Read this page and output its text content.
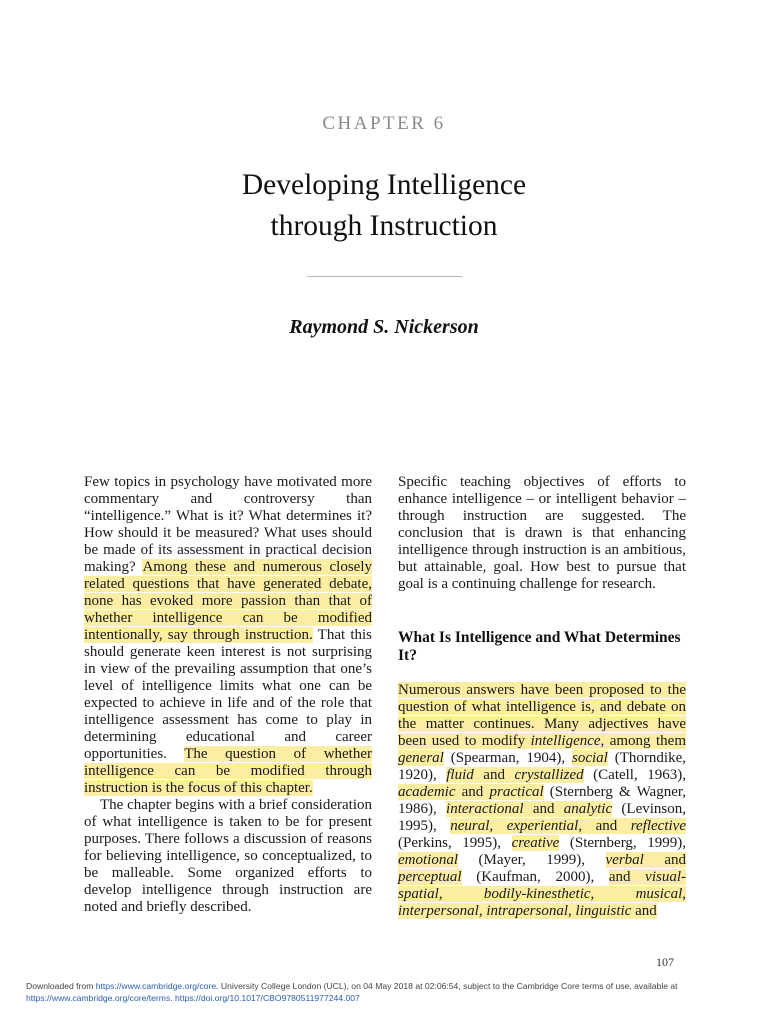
CHAPTER 6
Developing Intelligence
through Instruction
Raymond S. Nickerson

Few topics in psychology have motivated more commentary and controversy than “intelligence.” What is it? What determines it? How should it be measured? What uses should be made of its assessment in practical decision making? Among these and numerous closely related questions that have generated debate, none has evoked more passion than that of whether intelligence can be modified intentionally, say through instruction. That this should generate keen interest is not surprising in view of the prevailing assumption that one’s level of intelligence limits what one can be expected to achieve in life and of the role that intelligence assessment has come to play in determining educational and career opportunities. The question of whether intelligence can be modified through instruction is the focus of this chapter.

The chapter begins with a brief consideration of what intelligence is taken to be for present purposes. There follows a discussion of reasons for believing intelligence, so conceptualized, to be malleable. Some organized efforts to develop intelligence through instruction are noted and briefly described.

Specific teaching objectives of efforts to enhance intelligence – or intelligent behavior – through instruction are suggested. The conclusion that is drawn is that enhancing intelligence through instruction is an ambitious, but attainable, goal. How best to pursue that goal is a continuing challenge for research.

What Is Intelligence and What Determines It?

Numerous answers have been proposed to the question of what intelligence is, and debate on the matter continues. Many adjectives have been used to modify intelligence, among them general (Spearman, 1904), social (Thorndike, 1920), fluid and crystallized (Catell, 1963), academic and practical (Sternberg & Wagner, 1986), interactional and analytic (Levinson, 1995), neural, experiential, and reflective (Perkins, 1995), creative (Sternberg, 1999), emotional (Mayer, 1999), verbal and perceptual (Kaufman, 2000), and visual-spatial, bodily-kinesthetic, musical, interpersonal, intrapersonal, linguistic and

107
Downloaded from https://www.cambridge.org/core. University College London (UCL), on 04 May 2018 at 02:06:54, subject to the Cambridge Core terms of use, available at https://www.cambridge.org/core/terms. https://doi.org/10.1017/CBO9780511977244.007
